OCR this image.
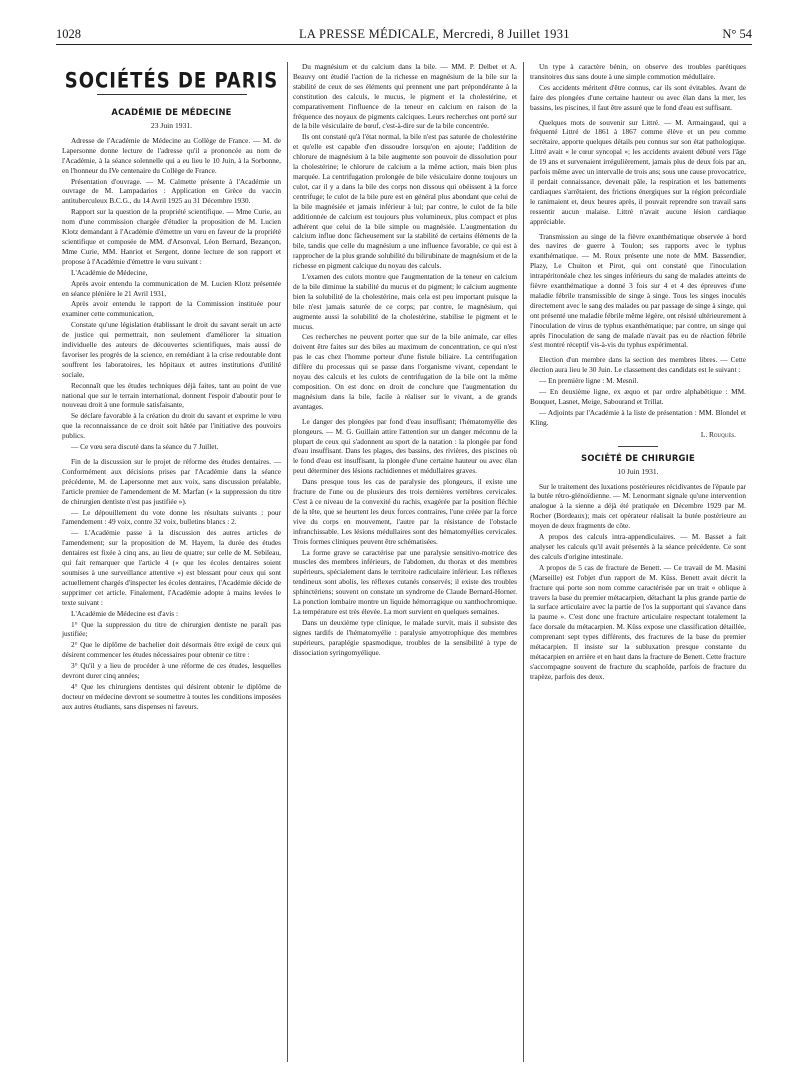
1028	LA PRESSE MÉDICALE, Mercredi, 8 Juillet 1931	N° 54
SOCIÉTÉS DE PARIS
ACADÉMIE DE MÉDECINE
23 Juin 1931.

Adresse de l'Académie de Médecine au Collège de France. — M. de Lapersonne donne lecture de l'adresse qu'il a prononcée au nom de l'Académie, à la séance solennelle qui a eu lieu le 10 Juin, à la Sorbonne, en l'honneur du IVe centenaire du Collège de France.

Présentation d'ouvrage. — M. Calmette présente à l'Académie un ouvrage de M. Lampadarios : Application en Grèce du vaccin antituberculeux B.C.G., du 14 Avril 1925 au 31 Décembre 1930.

Rapport sur la question de la propriété scientifique. — Mme Curie, au nom d'une commission chargée d'étudier la proposition de M. Lucien Klotz demandant à l'Académie d'émettre un vœu en faveur de la propriété scientifique et composée de MM. d'Arsonval, Léon Bernard, Bezançon, Mme Curie, MM. Hanriot et Sergent, donne lecture de son rapport et propose à l'Académie d'émettre le vœu suivant :

L'Académie de Médecine,

Après avoir entendu la communication de M. Lucien Klotz présentée en séance plénière le 21 Avril 1931,

Après avoir entendu le rapport de la Commission instituée pour examiner cette communication,

Constate qu'une législation établissant le droit du savant serait un acte de justice qui permettrait, non seulement d'améliorer la situation individuelle des auteurs de découvertes scientifiques, mais aussi de favoriser les progrès de la science, en remédiant à la crise redoutable dont souffrent les laboratoires, les hôpitaux et autres institutions d'utilité sociale,

Reconnaît que les études techniques déjà faites, tant au point de vue national que sur le terrain international, donnent l'espoir d'aboutir pour le nouveau droit à une formule satisfaisante,

Se déclare favorable à la création du droit du savant et exprime le vœu que la reconnaissance de ce droit soit hâtée par l'initiative des pouvoirs publics.

— Ce vœu sera discuté dans la séance du 7 Juillet.

Fin de la discussion sur le projet de réforme des études dentaires. — Conformément aux décisions prises par l'Académie dans la séance précédente, M. de Lapersonne met aux voix, sans discussion préalable, l'article premier de l'amendement de M. Marfan (« la suppression du titre de chirurgien dentiste n'est pas justifiée »).

— Le dépouillement du vote donne les résultats suivants : pour l'amendement : 49 voix, contre 32 voix, bulletins blancs : 2.

— L'Académie passe à la discussion des autres articles de l'amendement; sur la proposition de M. Hayem, la durée des études dentaires est fixée à cinq ans, au lieu de quatre; sur celle de M. Sebileau, qui fait remarquer que l'article 4 (« que les écoles dentaires soient soumises à une surveillance attentive ») est blessant pour ceux qui sont actuellement chargés d'inspecter les écoles dentaires, l'Académie décide de supprimer cet article. Finalement, l'Académie adopte à mains levées le texte suivant :

L'Académie de Médecine est d'avis :

1° Que la suppression du titre de chirurgien dentiste ne paraît pas justifiée;

2° Que le diplôme de bachelier doit désormais être exigé de ceux qui désirent commencer les études nécessaires pour obtenir ce titre :

3° Qu'il y a lieu de procéder à une réforme de ces études, lesquelles devront durer cinq années;

4° Que les chirurgiens dentistes qui désirent obtenir le diplôme de docteur en médecine devront se soumettre à toutes les conditions imposées aux autres étudiants, sans dispenses ni faveurs.

Du magnésium et du calcium dans la bile. — MM. P. Delbet et A. Beauvy ont étudié l'action de la richesse en magnésium de la bile sur la stabilité de ceux de ses éléments qui prennent une part prépondérante à la constitution des calculs, le mucus, le pigment et la cholestérine, et comparativement l'influence de la teneur en calcium en raison de la fréquence des noyaux de pigments calciques. Leurs recherches ont porté sur de la bile vésiculaire de bœuf, c'est-à-dire sur de la bile concentrée.

Ils ont constaté qu'à l'état normal, la bile n'est pas saturée de cholestérine et qu'elle est capable d'en dissoudre lorsqu'on en ajoute; l'addition de chlorure de magnésium à la bile augmente son pouvoir de dissolution pour la cholestérine; le chlorure de calcium a la même action, mais bien plus marquée. La centrifugation prolongée de bile vésiculaire donne toujours un culot, car il y a dans la bile des corps non dissous qui obéissent à la force centrifuge; le culot de la bile pure est en général plus abondant que celui de la bile magnésiée et jamais inférieur à lui; par contre, le culot de la bile additionnée de calcium est toujours plus volumineux, plus compact et plus adhérent que celui de la bile simple ou magnésiée. L'augmentation du calcium influe donc fâcheusement sur la stabilité de certains éléments de la bile, tandis que celle du magnésium a une influence favorable, ce qui est à rapprocher de la plus grande solubilité du bilirubinate de magnésium et de la richesse en pigment calcique du noyau des calculs.

L'examen des culots montre que l'augmentation de la teneur en calcium de la bile diminue la stabilité du mucus et du pigment; le calcium augmente bien la solubilité de la cholestérine, mais cela est peu important puisque la bile n'est jamais saturée de ce corps; par contre, le magnésium, qui augmente aussi la solubilité de la cholestérine, stabilise le pigment et le mucus.

Ces recherches ne peuvent porter que sur de la bile animale, car elles doivent être faites sur des biles au maximum de concentration, ce qui n'est pas le cas chez l'homme porteur d'une fistule biliaire. La centrifugation diffère du processus qui se passe dans l'organisme vivant, cependant le noyau des calculs et les culots de centrifugation de la bile ont la même composition. On est donc en droit de conclure que l'augmentation du magnésium dans la bile, facile à réaliser sur le vivant, a de grands avantages.

Le danger des plongées par fond d'eau insuffisant; l'hématomyélie des plongeurs. — M. G. Guillain attire l'attention sur un danger méconnu de la plupart de ceux qui s'adonnent au sport de la natation : la plongée par fond d'eau insuffisant. Dans les plages, des bassins, des rivières, des piscines où le fond d'eau est insuffisant, la plongée d'une certaine hauteur ou avec élan peut déterminer des lésions rachidiennes et médullaires graves.

Dans presque tous les cas de paralysie des plongeurs, il existe une fracture de l'une ou de plusieurs des trois dernières vertèbres cervicales. C'est à ce niveau de la convexité du rachis, exagérée par la position fléchie de la tête, que se heurtent les deux forces contraires, l'une créée par la force vive du corps en mouvement, l'autre par la résistance de l'obstacle infranchissable. Les lésions médullaires sont des hématomyélies cervicales. Trois formes cliniques peuvent être schématisées.

La forme grave se caractérise par une paralysie sensitivo-motrice des muscles des membres inférieurs, de l'abdomen, du thorax et des membres supérieurs, spécialement dans le territoire radiculaire inférieur. Les réflexes tendineux sont abolis, les réflexes cutanés conservés; il existe des troubles sphinctériens; souvent on constate un syndrome de Claude Bernard-Horner. La ponction lombaire montre un liquide hémorragique ou xanthochromique. La température est très élevée. La mort survient en quelques semaines.

Dans un deuxième type clinique, le malade survit, mais il subsiste des signes tardifs de l'hématomyélie : paralysie amyotrophique des membres supérieurs, paraplégie spasmodique, troubles de la sensibilité à type de dissociation syringomyélique.

Un type à caractère bénin, on observe des troubles parétiques transitoires dus sans doute à une simple commotion médullaire.

Ces accidents méritent d'être connus, car ils sont évitables. Avant de faire des plongées d'une certaine hauteur ou avec élan dans la mer, les bassins, les piscines, il faut être assuré que le fond d'eau est suffisant.

Quelques mots de souvenir sur Littré. — M. Armaingaud, qui a fréquenté Littré de 1861 à 1867 comme élève et un peu comme secrétaire, apporte quelques détails peu connus sur son état pathologique. Littré avait « le cœur syncopal »; les accidents avaient débuté vers l'âge de 19 ans et survenaient irrégulièrement, jamais plus de deux fois par an, parfois même avec un intervalle de trois ans; sous une cause provocatrice, il perdait connaissance, devenait pâle, la respiration et les battements cardiaques s'arrêtaient, des frictions énergiques sur la région précordiale le ranimaient et, deux heures après, il pouvait reprendre son travail sans ressentir aucun malaise. Littré n'avait aucune lésion cardiaque appréciable.

Transmission au singe de la fièvre exanthématique observée à bord des navires de guerre à Toulon; ses rapports avec le typhus exanthématique. — M. Roux présente une note de MM. Bassendier, Plazy, Le Chuiton et Pirot, qui ont constaté que l'inoculation intrapéritonéale chez les singes inférieurs du sang de malades atteints de fièvre exanthématique a donné 3 fois sur 4 et 4 des épreuves d'une maladie fébrile transmissible de singe à singe. Tous les singes inoculés directement avec le sang des malades ou par passage de singe à singe, qui ont présenté une maladie fébrile même légère, ont résisté ultérieurement à l'inoculation de virus de typhus exanthématique; par contre, un singe qui après l'inoculation de sang de malade n'avait pas eu de réaction fébrile s'est montré réceptif vis-à-vis du typhus expérimental.

Election d'un membre dans la section des membres libres. — Cette élection aura lieu le 30 Juin. Le classement des candidats est le suivant :

— En première ligne : M. Mesnil.

— En deuxième ligne, ex æquo et par ordre alphabétique : MM. Bouquet, Lasnet, Meige, Sabourand et Trillat.

— Adjoints par l'Académie à la liste de présentation : MM. Blondel et Kling.

L. Rouquès.
SOCIÉTÉ DE CHIRURGIE
10 Juin 1931.

Sur le traitement des luxations postérieures récidivantes de l'épaule par la butée rétro-glénoïdienne. — M. Lenormant signale qu'une intervention analogue à la sienne a déjà été pratiquée en Décembre 1929 par M. Rocher (Bordeaux); mais cet opérateur réalisait la butée postérieure au moyen de deux fragments de côte.

A propos des calculs intra-appendiculaires. — M. Basset a fait analyser les calculs qu'il avait présentés à la séance précédente. Ce sont des calculs d'origine intestinale.

A propos de 5 cas de fracture de Benett. — Ce travail de M. Masini (Marseille) est l'objet d'un rapport de M. Küss. Benett avait décrit la fracture qui porte son nom comme caractérisée par un trait « oblique à travers la base du premier métacarpien, détachant la plus grande partie de la surface articulaire avec la partie de l'os la supportant qui s'avance dans la paume ». C'est donc une fracture articulaire respectant totalement la face dorsale du métacarpien. M. Küss expose une classification détaillée, comprenant sept types différents, des fractures de la base du premier métacarpien. Il insiste sur la subluxation presque constante du métacarpien en arrière et en haut dans la fracture de Benett. Cette fracture s'accompagne souvent de fracture du scaphoïde, parfois de fracture du trapèze, parfois des deux.
